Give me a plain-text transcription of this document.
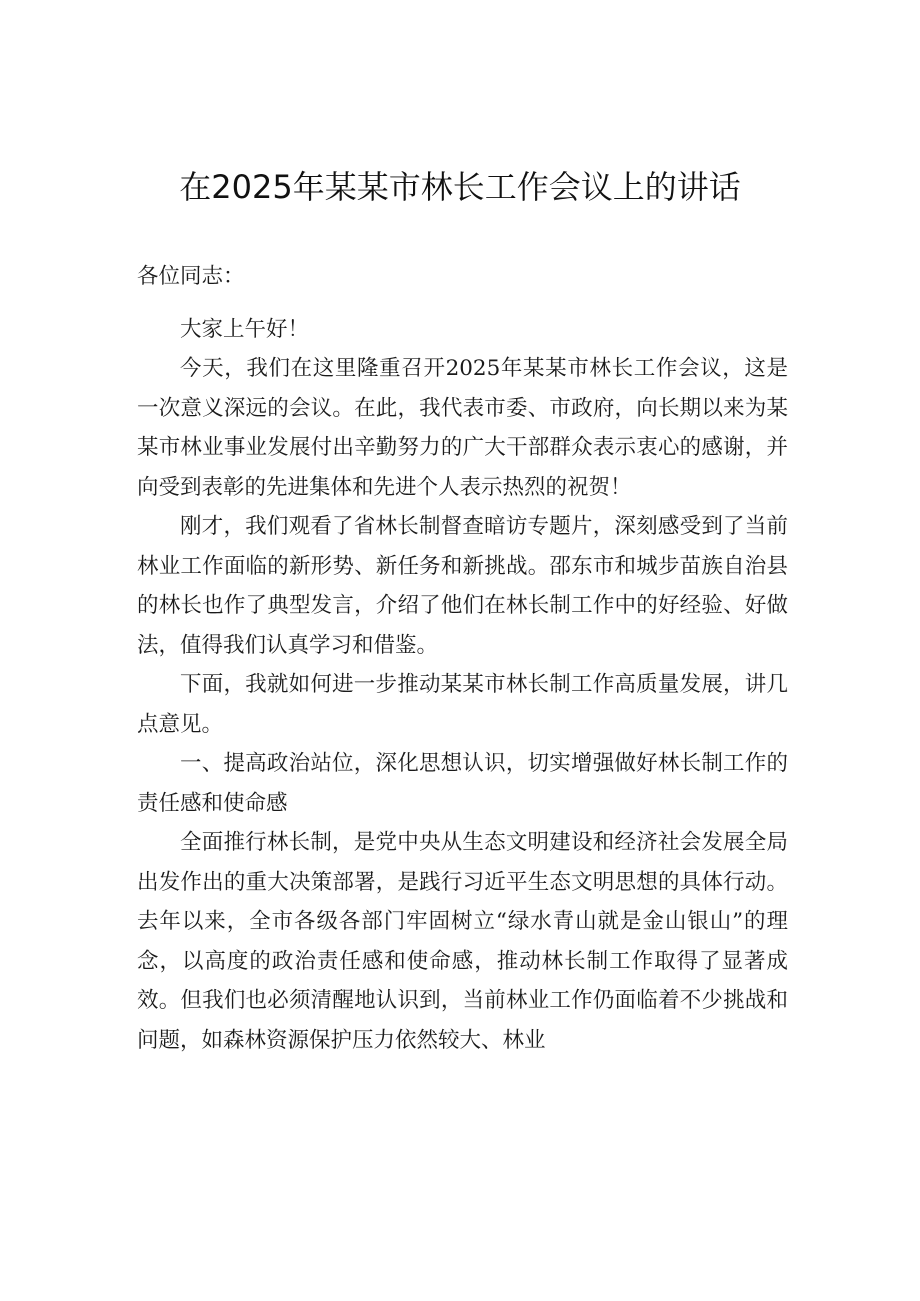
在2025年某某市林长工作会议上的讲话

各位同志：

大家上午好！

今天，我们在这里隆重召开2025年某某市林长工作会议，这是一次意义深远的会议。在此，我代表市委、市政府，向长期以来为某某市林业事业发展付出辛勤努力的广大干部群众表示衷心的感谢，并向受到表彰的先进集体和先进个人表示热烈的祝贺！

刚才，我们观看了省林长制督查暗访专题片，深刻感受到了当前林业工作面临的新形势、新任务和新挑战。邵东市和城步苗族自治县的林长也作了典型发言，介绍了他们在林长制工作中的好经验、好做法，值得我们认真学习和借鉴。

下面，我就如何进一步推动某某市林长制工作高质量发展，讲几点意见。

一、提高政治站位，深化思想认识，切实增强做好林长制工作的责任感和使命感

全面推行林长制，是党中央从生态文明建设和经济社会发展全局出发作出的重大决策部署，是践行习近平生态文明思想的具体行动。去年以来，全市各级各部门牢固树立“绿水青山就是金山银山”的理念，以高度的政治责任感和使命感，推动林长制工作取得了显著成效。但我们也必须清醒地认识到，当前林业工作仍面临着不少挑战和问题，如森林资源保护压力依然较大、林业
